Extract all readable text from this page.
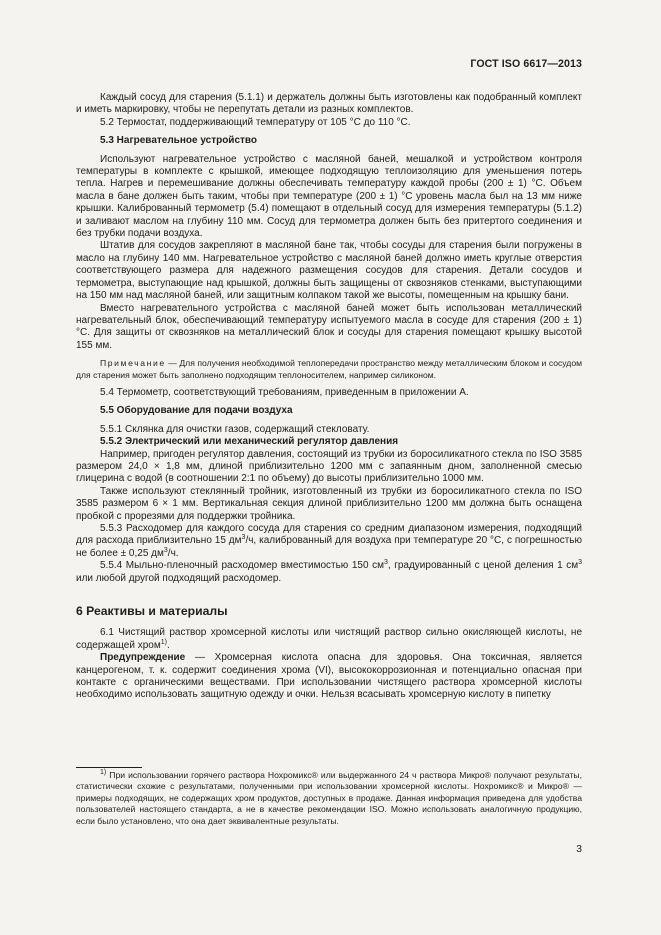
ГОСТ ISO 6617—2013

Каждый сосуд для старения (5.1.1) и держатель должны быть изготовлены как подобранный комплект и иметь маркировку, чтобы не перепутать детали из разных комплектов.

5.2 Термостат, поддерживающий температуру от 105 °C до 110 °C.

5.3 Нагревательное устройство

Используют нагревательное устройство с масляной баней, мешалкой и устройством контроля температуры в комплекте с крышкой, имеющее подходящую теплоизоляцию для уменьшения потерь тепла. Нагрев и перемешивание должны обеспечивать температуру каждой пробы (200 ± 1) °C. Объем масла в бане должен быть таким, чтобы при температуре (200 ± 1) °C уровень масла был на 13 мм ниже крышки. Калиброванный термометр (5.4) помещают в отдельный сосуд для измерения температуры (5.1.2) и заливают маслом на глубину 110 мм. Сосуд для термометра должен быть без притертого соединения и без трубки подачи воздуха.

Штатив для сосудов закрепляют в масляной бане так, чтобы сосуды для старения были погружены в масло на глубину 140 мм. Нагревательное устройство с масляной баней должно иметь круглые отверстия соответствующего размера для надежного размещения сосудов для старения. Детали сосудов и термометра, выступающие над крышкой, должны быть защищены от сквозняков стенками, выступающими на 150 мм над масляной баней, или защитным колпаком такой же высоты, помещенным на крышку бани.

Вместо нагревательного устройства с масляной баней может быть использован металлический нагревательный блок, обеспечивающий температуру испытуемого масла в сосуде для старения (200 ± 1) °C. Для защиты от сквозняков на металлический блок и сосуды для старения помещают крышку высотой 155 мм.

Примечание — Для получения необходимой теплопередачи пространство между металлическим блоком и сосудом для старения может быть заполнено подходящим теплоносителем, например силиконом.

5.4 Термометр, соответствующий требованиям, приведенным в приложении А.

5.5 Оборудование для подачи воздуха

5.5.1 Склянка для очистки газов, содержащий стекловату.

5.5.2 Электрический или механический регулятор давления

Например, пригоден регулятор давления, состоящий из трубки из боросиликатного стекла по ISO 3585 размером 24,0 × 1,8 мм, длиной приблизительно 1200 мм с запаянным дном, заполненной смесью глицерина с водой (в соотношении 2:1 по объему) до высоты приблизительно 1000 мм.

Также используют стеклянный тройник, изготовленный из трубки из боросиликатного стекла по ISO 3585 размером 6 × 1 мм. Вертикальная секция длиной приблизительно 1200 мм должна быть оснащена пробкой с прорезями для поддержки тройника.

5.5.3 Расходомер для каждого сосуда для старения со средним диапазоном измерения, подходящий для расхода приблизительно 15 $дм^3/ч$, калиброванный для воздуха при температуре 20 °C, с погрешностью не более ± 0,25 $дм^3/ч$.

5.5.4 Мыльно-пленочный расходомер вместимостью 150 $см^3$, градуированный с ценой деления 1 $см^3$ или любой другой подходящий расходомер.

6 Реактивы и материалы

6.1 Чистящий раствор хромсерной кислоты или чистящий раствор сильно окисляющей кислоты, не содержащей хром$^{1)}$.

Предупреждение — Хромсерная кислота опасна для здоровья. Она токсичная, является канцерогеном, т. к. содержит соединения хрома (VI), высококоррозионная и потенциально опасная при контакте с органическими веществами. При использовании чистящего раствора хромсерной кислоты необходимо использовать защитную одежду и очки. Нельзя всасывать хромсерную кислоту в пипетку

$^{1)}$ При использовании горячего раствора Нохромикс® или выдержанного 24 ч раствора Микро® получают результаты, статистически схожие с результатами, полученными при использовании хромсерной кислоты. Нохромикс® и Микро® — примеры подходящих, не содержащих хром продуктов, доступных в продаже. Данная информация приведена для удобства пользователей настоящего стандарта, а не в качестве рекомендации ISO. Можно использовать аналогичную продукцию, если было установлено, что она дает эквивалентные результаты.

3
